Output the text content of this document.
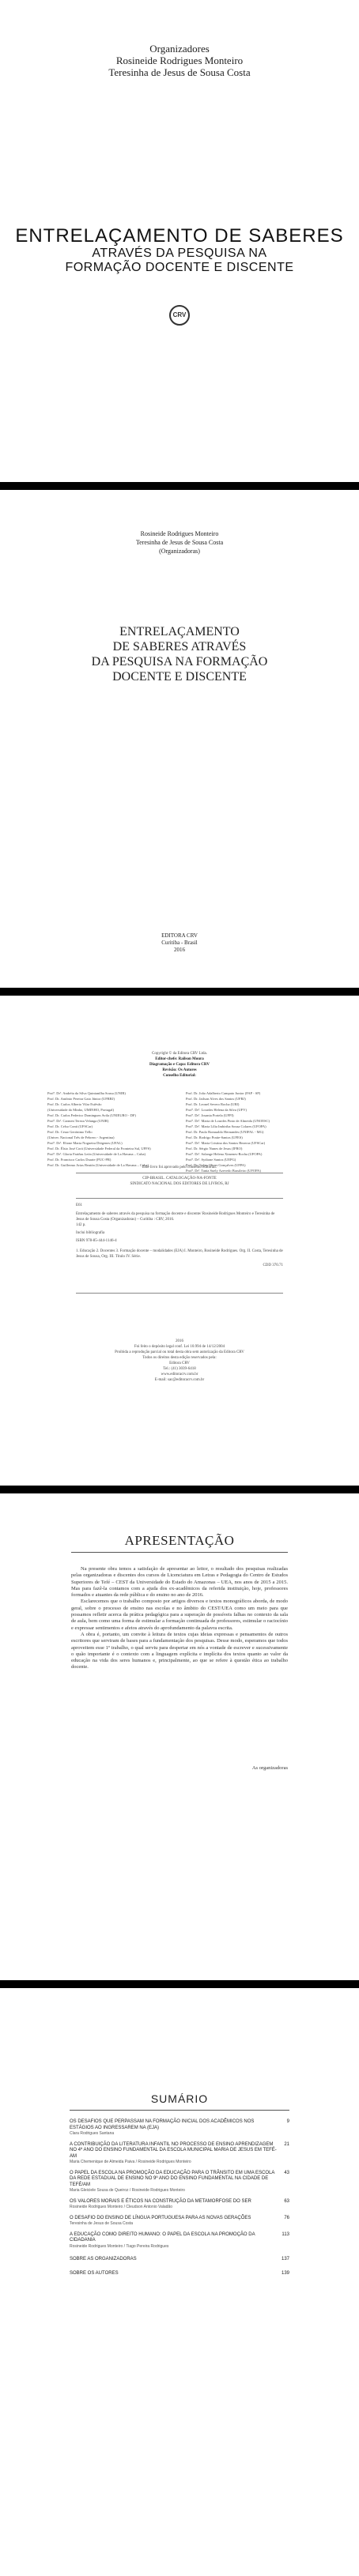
Organizadores
Rosineide Rodrigues Monteiro
Teresinha de Jesus de Sousa Costa
ENTRELAÇAMENTO DE SABERES
ATRAVÉS DA PESQUISA NA
FORMAÇÃO DOCENTE E DISCENTE
CRV
Rosineide Rodrigues Monteiro
Teresinha de Jesus de Sousa Costa
(Organizadoras)
ENTRELAÇAMENTO
DE SABERES ATRAVÉS
DA PESQUISA NA FORMAÇÃO
DOCENTE E DISCENTE
EDITORA CRV
Curitiba - Brasil
2016
Copyright © da Editora CRV Ltda.
Editor-chefe: Railson Moura
Diagramação e Capa: Editora CRV
Revisão: Os Autores
Conselho Editorial:
Profª. Drª. Andréia da Silva Quintanilha Sousa (UNIR)
Prof. Dr. Antônio Pereira Gaio Júnior (UFRRJ)
Prof. Dr. Carlos Alberto Vilar Estêvão
(Universidade do Minho, UMINHO, Portugal)
Prof. Dr. Carlos Federico Dominguez Avila (UNIEURO - DF)
Profª. Drª. Carmen Tereza Velanga (UNIR)
Prof. Dr. Celso Conti (UFSCar)
Prof. Dr. Cesar Gerónimo Tello
(Univer. Nacional Três de Febrero - Argentina)
Profª. Drª. Elione Maria Nogueira Diógenes (UFAL)
Prof. Dr. Élsio José Corá (Universidade Federal da Fronteira Sul, UFFS)
Profª. Drª. Gloria Fariñas León (Universidade de La Havana – Cuba)
Prof. Dr. Francisco Carlos Duarte (PUC-PR)
Prof. Dr. Guillermo Arias Beatón (Universidade de La Havana – Cuba)
Prof. Dr. João Adalberto Campato Junior (FAP - SP)
Prof. Dr. Jailson Alves dos Santos (UFRJ)
Prof. Dr. Leonel Severo Rocha (URI)
Profª. Drª. Lourdes Helena da Silva (UFV)
Profª. Drª. Josania Portela (UFPI)
Profª. Drª. Maria de Lourdes Pinto de Almeida (UNOESC)
Profª. Drª. Maria Lília Imbiriba Sousa Colares (UFOPA)
Prof. Dr. Paulo Romualdo Hernandes (UNIFAL - MG)
Prof. Dr. Rodrigo Pratte-Santos (UFES)
Profª. Drª. Maria Cristina dos Santos Bezerra (UFSCar)
Prof. Dr. Sérgio Nunes de Jesus (IFRO)
Profª. Drª. Solange Helena Ximenes-Rocha (UFOPA)
Profª. Drª. Sydione Santos (UEPG)
Prof. Dr. Tadeu Oliver Gonçalves (UFPA)
Profª. Drª. Tania Suely Azevedo Brasileiro (UFOPA)
Este livro foi aprovado pelo conselho editorial.
CIP-BRASIL. CATALOGAÇÃO-NA-FONTE
SINDICATO NACIONAL DOS EDITORES DE LIVROS, RJ
E61
Entrelaçamento de saberes através da pesquisa na formação docente e discente/ Rosineide Rodrigues Monteiro e Teresinha de Jesus de Sousa Costa (Organizadoras) – Curitiba : CRV, 2016.
142 p.
Inclui bibliografia
ISBN 978-85-444-1146-4
1. Educação 2. Docentes 3. Formação docente – modalidades (EJA) I. Monteiro, Rosineide Rodrigues. Org. II. Costa, Teresinha de Jesus de Sousa, Org. III. Título IV. Série.
CDD 370.71
2016
Foi feito o depósito legal conf. Lei 10.994 de 14/12/2004
Proibida a reprodução parcial ou total desta obra sem autorização da Editora CRV
Todos os direitos desta edição reservados pela:
Editora CRV
Tel.: (41) 3039-6418
www.editoracrv.com.br
E-mail: sac@editoracrv.com.br
APRESENTAÇÃO

Na presente obra temos a satisfação de apresentar ao leitor, o resultado dos pesquisas realizadas pelas organizadoras e discentes dos cursos de Licenciatura em Letras e Pedagogia do Centro de Estudos Superiores de Tefé – CEST da Universidade do Estado do Amazonas – UEA, nos anos de 2015 a 2015. Mas para fazê-la contamos com a ajuda dos ex-acadêmicos da referida instituição, hoje, professores formados e atuantes da rede pública e do ensino no ano de 2016.

Esclarecemos que o trabalho composto por artigos diversos e textos monográficos aborda, de modo geral, sobre o processo de ensino nas escolas e no âmbito do CEST/UEA como um meio para que possamos refletir acerca da prática pedagógica para a superação de possíveis falhas no contexto da sala de aula, bem como uma forma de estimular a formação continuada de professores, estimular o raciocínio e expressar sentimentos e afetos através do aprofundamento da palavra escrita.

A obra é, portanto, um convite à leitura de textos cujas ideias expressas e pensamentos de outros escritores que serviram de bases para a fundamentação dos pesquisas. Desse modo, esperamos que todos aproveitem esse 1º trabalho, o qual serviu para despertar em nós a vontade de escrever e sucessivamente o quão importante é o contexto com a linguagem explícita e implícita dos textos quanto ao valor da educação na vida dos seres humanos e, principalmente, ao que se refere à questão ética ao trabalho docente.

As organizadoras
SUMÁRIO
9
OS DESAFIOS QUE PERPASSAM NA FORMAÇÃO INICIAL DOS ACADÊMICOS NOS ESTÁGIOS AO INGRESSAREM NA (EJA)
Clara Rodrigues Santana
21
A CONTRIBUIÇÃO DA LITERATURA INFANTIL NO PROCESSO DE ENSINO APRENDIZAGEM NO 4º ANO DO ENSINO FUNDAMENTAL DA ESCOLA MUNICIPAL MARIA DE JESUS EM TEFÉ-AM
Maria Chemenique de Almeida Paiva / Rosineide Rodrigues Monteiro
43
O PAPEL DA ESCOLA NA PROMOÇÃO DA EDUCAÇÃO PARA O TRÂNSITO EM UMA ESCOLA DA REDE ESTADUAL DE ENSINO NO 9º ANO DO ENSINO FUNDAMENTAL NA CIDADE DE TEFÉ/AM
Maria Gleiciele Sousa de Queiroz / Rosineide Rodrigues Monteiro
63
OS VALORES MORAIS E ÉTICOS NA CONSTRUÇÃO DA METAMORFOSE DO SER
Rosineide Rodrigues Monteiro / Cleudson Antonio Valadão
76
O DESAFIO DO ENSINO DE LÍNGUA PORTUGUESA PARA AS NOVAS GERAÇÕES
Teresinha de Jesus de Sousa Costa
113
A EDUCAÇÃO COMO DIREITO HUMANO: O PAPEL DA ESCOLA NA PROMOÇÃO DA CIDADANIA
Rosineide Rodrigues Monteiro / Tiago Pereira Rodrigues
137
SOBRE AS ORGANIZADORAS
139
SOBRE OS AUTORES
